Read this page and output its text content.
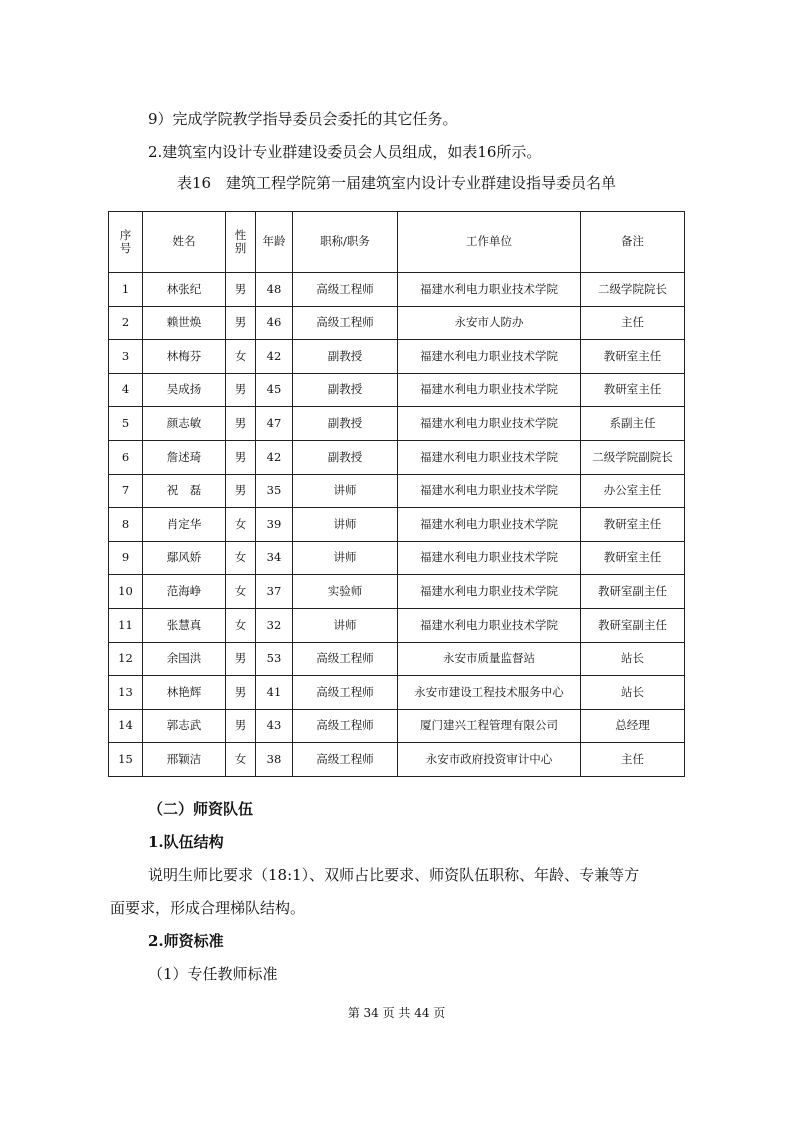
9）完成学院教学指导委员会委托的其它任务。
2.建筑室内设计专业群建设委员会人员组成，如表16所示。
表16　建筑工程学院第一届建筑室内设计专业群建设指导委员名单
序号	姓名	性别	年龄	职称/职务	工作单位	备注
1	林张纪	男	48	高级工程师	福建水利电力职业技术学院	二级学院院长
2	赖世焕	男	46	高级工程师	永安市人防办	主任
3	林梅芬	女	42	副教授	福建水利电力职业技术学院	教研室主任
4	吴成扬	男	45	副教授	福建水利电力职业技术学院	教研室主任
5	颜志敏	男	47	副教授	福建水利电力职业技术学院	系副主任
6	詹述琦	男	42	副教授	福建水利电力职业技术学院	二级学院副院长
7	祝　磊	男	35	讲师	福建水利电力职业技术学院	办公室主任
8	肖定华	女	39	讲师	福建水利电力职业技术学院	教研室主任
9	鄢风娇	女	34	讲师	福建水利电力职业技术学院	教研室主任
10	范海峥	女	37	实验师	福建水利电力职业技术学院	教研室副主任
11	张慧真	女	32	讲师	福建水利电力职业技术学院	教研室副主任
12	余国洪	男	53	高级工程师	永安市质量监督站	站长
13	林艳辉	男	41	高级工程师	永安市建设工程技术服务中心	站长
14	郭志武	男	43	高级工程师	厦门建兴工程管理有限公司	总经理
15	邢颖洁	女	38	高级工程师	永安市政府投资审计中心	主任
（二）师资队伍
1.队伍结构
说明生师比要求（18:1）、双师占比要求、师资队伍职称、年龄、专兼等方
面要求，形成合理梯队结构。
2.师资标准
（1）专任教师标准
第 34 页 共 44 页
